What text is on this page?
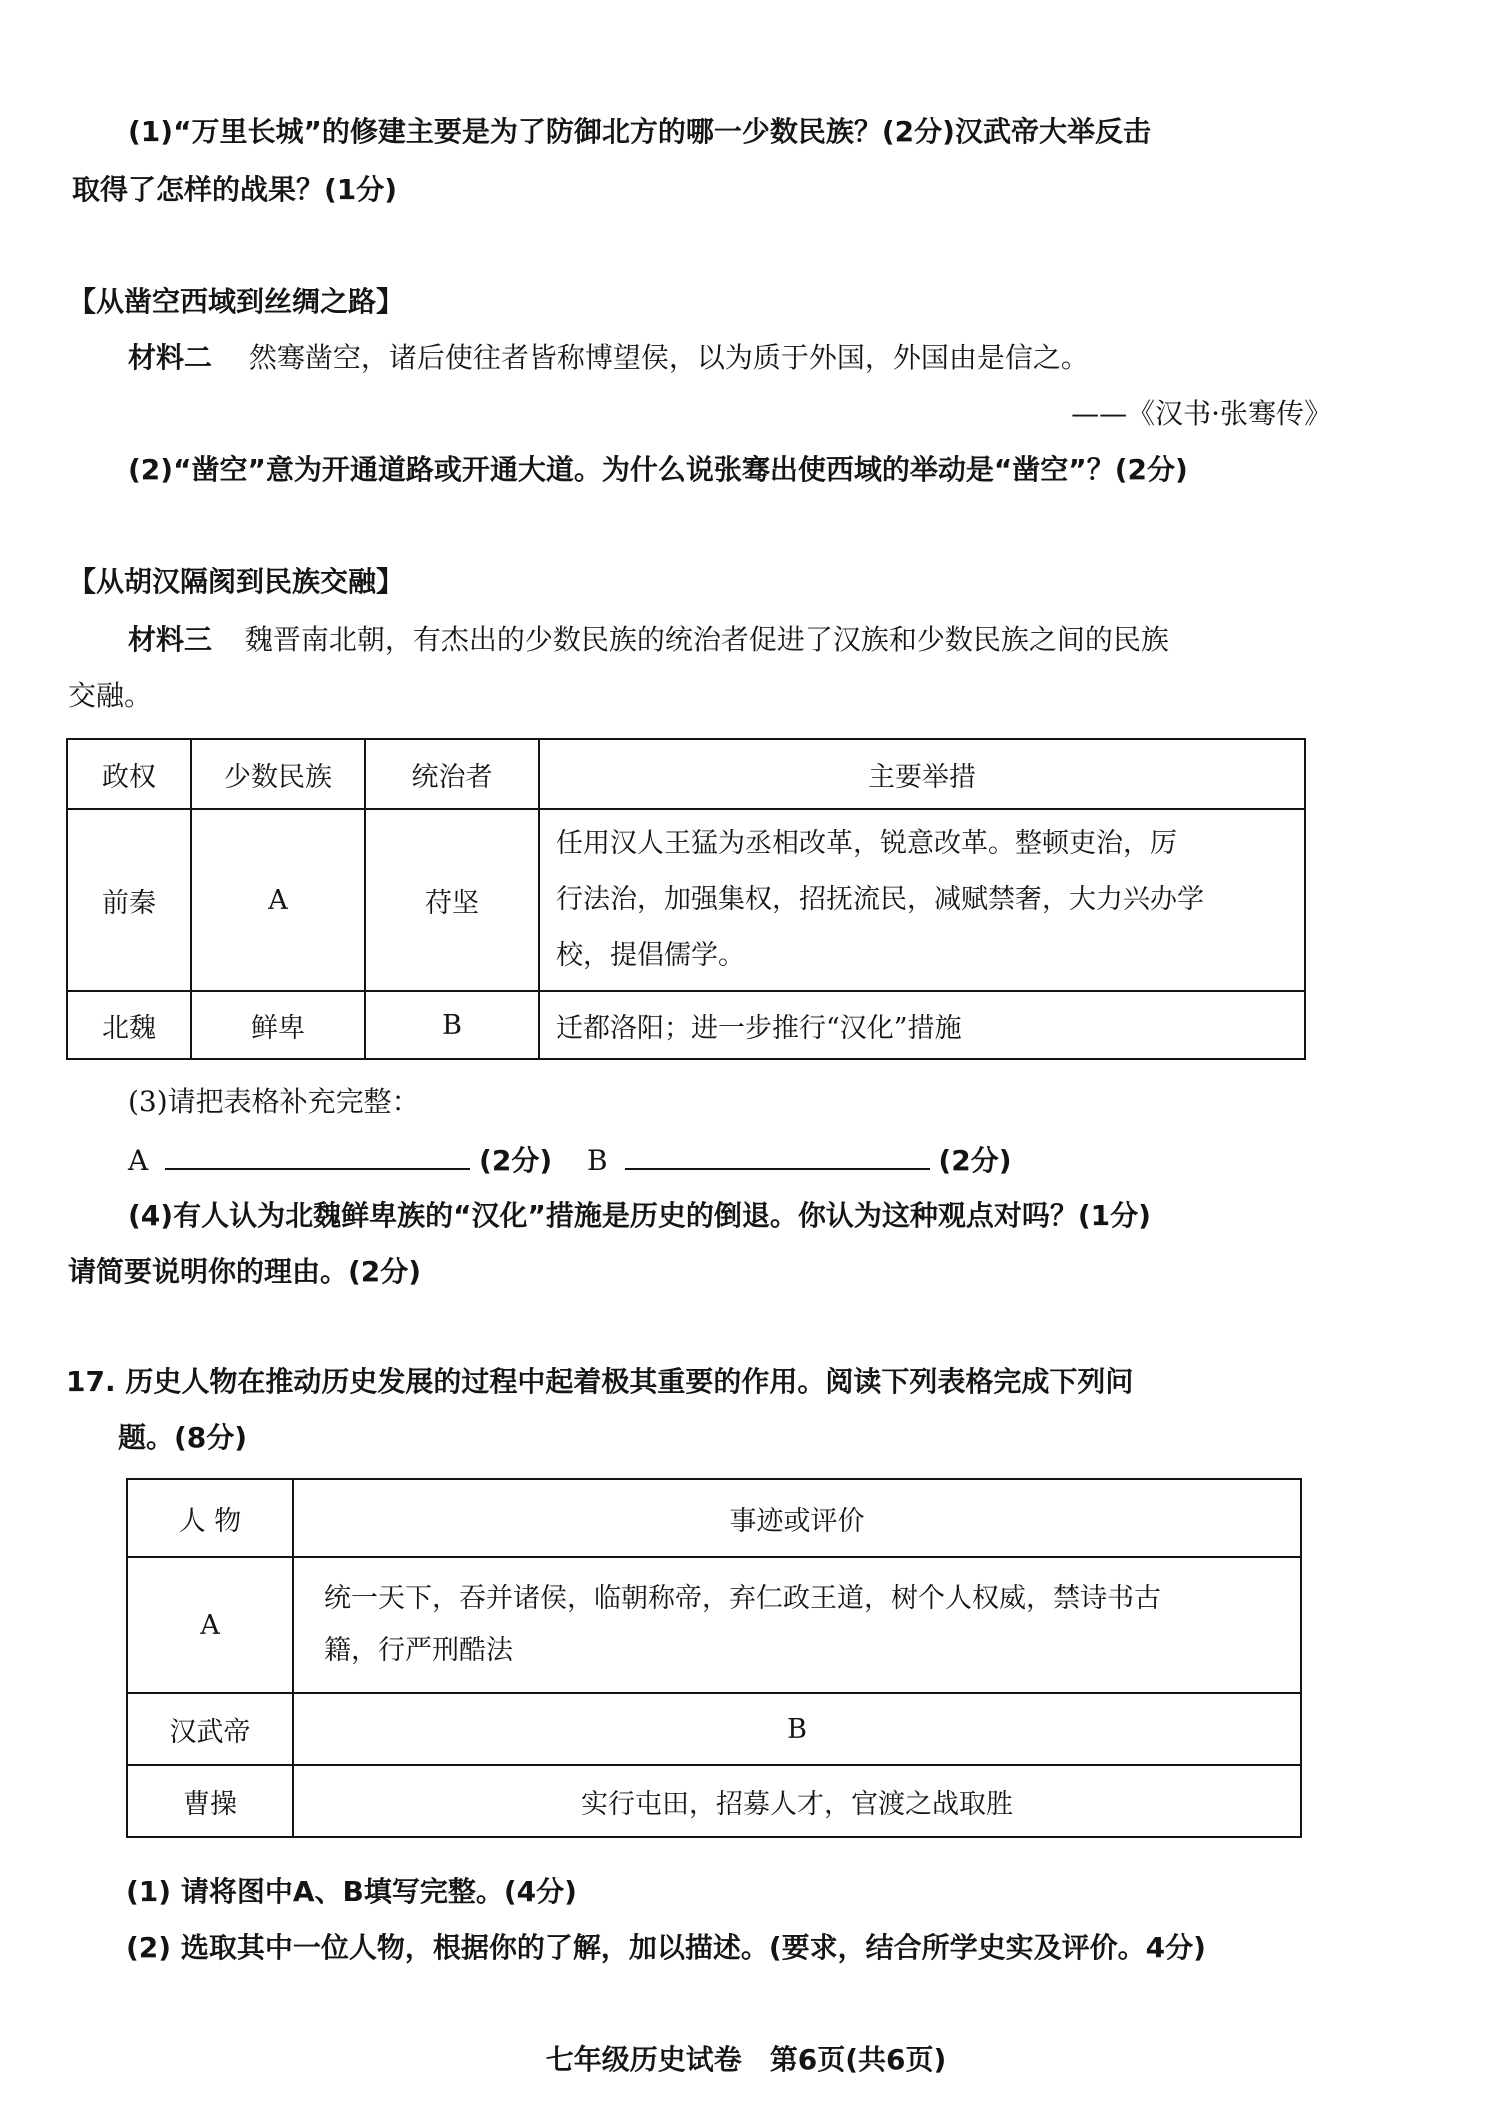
(1)“万里长城”的修建主要是为了防御北方的哪一少数民族？(2分)汉武帝大举反击
取得了怎样的战果？(1分)
【从凿空西域到丝绸之路】
材料二 然骞凿空，诸后使往者皆称博望侯，以为质于外国，外国由是信之。
——《汉书·张骞传》
(2)“凿空”意为开通道路或开通大道。为什么说张骞出使西域的举动是“凿空”？(2分)
【从胡汉隔阂到民族交融】
材料三 魏晋南北朝，有杰出的少数民族的统治者促进了汉族和少数民族之间的民族
交融。
政权	少数民族	统治者	主要举措
前秦	A	苻坚	任用汉人王猛为丞相改革，锐意改革。整顿吏治，厉
行法治，加强集权，招抚流民，减赋禁奢，大力兴办学
校，提倡儒学。

北魏	鲜卑	B	迁都洛阳；进一步推行“汉化”措施
(3)请把表格补充完整：
A	(2分) B	(2分)
(4)有人认为北魏鲜卑族的“汉化”措施是历史的倒退。你认为这种观点对吗？(1分)
请简要说明你的理由。(2分)
17. 历史人物在推动历史发展的过程中起着极其重要的作用。阅读下列表格完成下列问
题。(8分)
人 物	事迹或评价
A	统一天下，吞并诸侯，临朝称帝，弃仁政王道，树个人权威，禁诗书古
籍，行严刑酷法

汉武帝	B
曹操	实行屯田，招募人才，官渡之战取胜
(1) 请将图中A、B填写完整。(4分)
(2) 选取其中一位人物，根据你的了解，加以描述。(要求，结合所学史实及评价。4分)
七年级历史试卷　第6页(共6页)
